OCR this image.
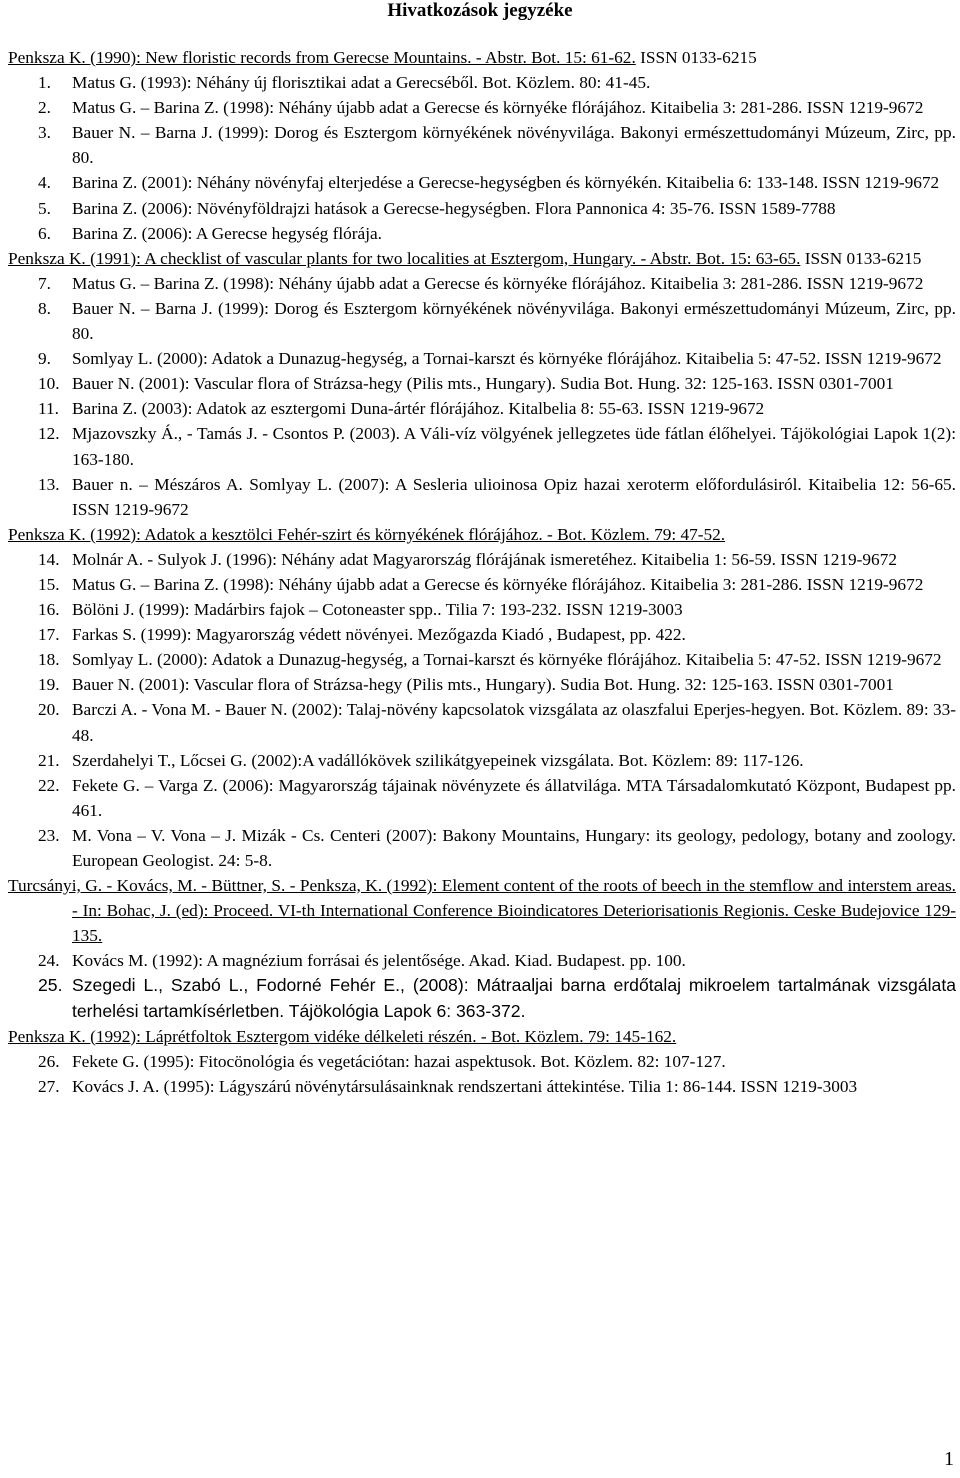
Hivatkozások jegyzéke
Penksza K. (1990): New floristic records from Gerecse Mountains. - Abstr. Bot. 15: 61-62. ISSN 0133-6215
1. Matus G. (1993): Néhány új florisztikai adat a Gerecséből. Bot. Közlem. 80: 41-45.
2. Matus G. – Barina Z. (1998): Néhány újabb adat a Gerecse és környéke flórájához. Kitaibelia 3: 281-286. ISSN 1219-9672
3. Bauer N. – Barna J. (1999): Dorog és Esztergom környékének növényvilága. Bakonyi ermészettudományi Múzeum, Zirc, pp. 80.
4. Barina Z. (2001): Néhány növényfaj elterjedése a Gerecse-hegységben és környékén. Kitaibelia 6: 133-148. ISSN 1219-9672
5. Barina Z. (2006): Növényföldrajzi hatások a Gerecse-hegységben. Flora Pannonica 4: 35-76. ISSN 1589-7788
6. Barina Z. (2006): A Gerecse hegység flórája.
Penksza K. (1991): A checklist of vascular plants for two localities at Esztergom, Hungary. - Abstr. Bot. 15: 63-65. ISSN 0133-6215
7. Matus G. – Barina Z. (1998): Néhány újabb adat a Gerecse és környéke flórájához. Kitaibelia 3: 281-286. ISSN 1219-9672
8. Bauer N. – Barna J. (1999): Dorog és Esztergom környékének növényvilága. Bakonyi ermészettudományi Múzeum, Zirc, pp. 80.
9. Somlyay L. (2000): Adatok a Dunazug-hegység, a Tornai-karszt és környéke flórájához. Kitaibelia 5: 47-52. ISSN 1219-9672
10. Bauer N. (2001): Vascular flora of Strázsa-hegy (Pilis mts., Hungary). Sudia Bot. Hung. 32: 125-163. ISSN 0301-7001
11. Barina Z. (2003): Adatok az esztergomi Duna-ártér flórájához. Kitalbelia 8: 55-63. ISSN 1219-9672
12. Mjazovszky Á., - Tamás J. - Csontos P. (2003). A Váli-víz völgyének jellegzetes üde fátlan élőhelyei. Tájökológiai Lapok 1(2): 163-180.
13. Bauer n. – Mészáros A. Somlyay L. (2007): A Sesleria ulioinosa Opiz hazai xeroterm előfordulásiról. Kitaibelia 12: 56-65. ISSN 1219-9672
Penksza K. (1992): Adatok a kesztölci Fehér-szirt és környékének flórájához. - Bot. Közlem. 79: 47-52.
14. Molnár A. - Sulyok J. (1996): Néhány adat Magyarország flórájának ismeretéhez. Kitaibelia 1: 56-59. ISSN 1219-9672
15. Matus G. – Barina Z. (1998): Néhány újabb adat a Gerecse és környéke flórájához. Kitaibelia 3: 281-286. ISSN 1219-9672
16. Bölöni J. (1999): Madárbirs fajok – Cotoneaster spp.. Tilia 7: 193-232. ISSN 1219-3003
17. Farkas S. (1999): Magyarország védett növényei. Mezőgazda Kiadó , Budapest, pp. 422.
18. Somlyay L. (2000): Adatok a Dunazug-hegység, a Tornai-karszt és környéke flórájához. Kitaibelia 5: 47-52. ISSN 1219-9672
19. Bauer N. (2001): Vascular flora of Strázsa-hegy (Pilis mts., Hungary). Sudia Bot. Hung. 32: 125-163. ISSN 0301-7001
20. Barczi A. - Vona M. - Bauer N. (2002): Talaj-növény kapcsolatok vizsgálata az olaszfalui Eperjes-hegyen. Bot. Közlem. 89: 33-48.
21. Szerdahelyi T., Lőcsei G. (2002):A vadállókövek szilikátgyepeinek vizsgálata. Bot. Közlem: 89: 117-126.
22. Fekete G. – Varga Z. (2006): Magyarország tájainak növényzete és állatvilága. MTA Társadalomkutató Központ, Budapest pp. 461.
23. M. Vona – V. Vona – J. Mizák - Cs. Centeri (2007): Bakony Mountains, Hungary: its geology, pedology, botany and zoology. European Geologist. 24: 5-8.
Turcsányi, G. - Kovács, M. - Büttner, S. - Penksza, K. (1992): Element content of the roots of beech in the stemflow and interstem areas. - In: Bohac, J. (ed): Proceed. VI-th International Conference Bioindicatores Deteriorisationis Regionis. Ceske Budejovice 129-135.
24. Kovács M. (1992): A magnézium forrásai és jelentősége. Akad. Kiad. Budapest. pp. 100.
25. Szegedi L., Szabó L., Fodorné Fehér E., (2008): Mátraaljai barna erdőtalaj mikroelem tartalmának vizsgálata terhelési tartamkísérletben. Tájökológia Lapok 6: 363-372.
Penksza K. (1992): Láprétfoltok Esztergom vidéke délkeleti részén. - Bot. Közlem. 79: 145-162.
26. Fekete G. (1995): Fitocönológia és vegetációtan: hazai aspektusok. Bot. Közlem. 82: 107-127.
27. Kovács J. A. (1995): Lágyszárú növénytársulásainknak rendszertani áttekintése. Tilia 1: 86-144. ISSN 1219-3003
1
